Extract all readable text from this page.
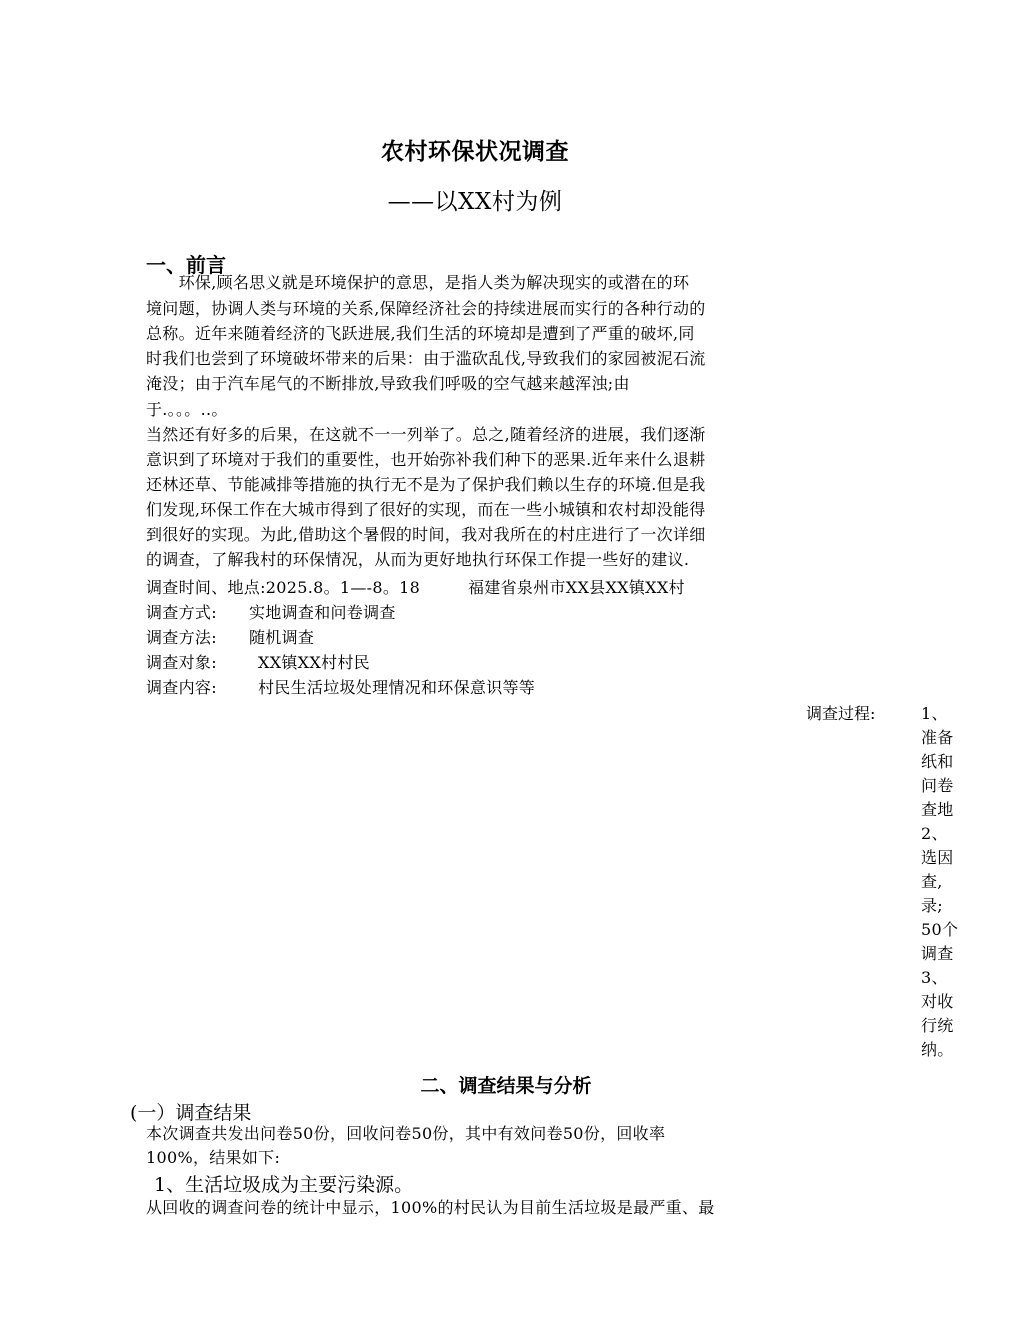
农村环保状况调查
——以XX村为例
一、前言
　　环保,顾名思义就是环境保护的意思，是指人类为解决现实的或潜在的环
境问题，协调人类与环境的关系,保障经济社会的持续进展而实行的各种行动的
总称。近年来随着经济的飞跃进展,我们生活的环境却是遭到了严重的破坏,同
时我们也尝到了环境破坏带来的后果：由于滥砍乱伐,导致我们的家园被泥石流
淹没；由于汽车尾气的不断排放,导致我们呼吸的空气越来越浑浊;由
于.。。。..。
当然还有好多的后果，在这就不一一列举了。总之,随着经济的进展，我们逐渐
意识到了环境对于我们的重要性，也开始弥补我们种下的恶果.近年来什么退耕
还林还草、节能减排等措施的执行无不是为了保护我们赖以生存的环境.但是我
们发现,环保工作在大城市得到了很好的实现，而在一些小城镇和农村却没能得
到很好的实现。为此,借助这个暑假的时间，我对我所在的村庄进行了一次详细
的调查，了解我村的环保情况，从而为更好地执行环保工作提一些好的建议.
调查时间、地点:2025.8。1—-8。18	福建省泉州市XX县XX镇XX村
调查方式: 实地调查和问卷调查
调查方法: 随机调查
调查对象:	XX镇XX村村民
调查内容:	村民生活垃圾处理情况和环保意识等等
调查过程:	1、
准备
纸和
问卷
查地
2、
选因
查,
录;
50个
调查
3、
对收
行统
纳。
二、调查结果与分析
(一）调查结果
本次调查共发出问卷50份，回收问卷50份，其中有效问卷50份，回收率
100%，结果如下:
1、生活垃圾成为主要污染源。
从回收的调查问卷的统计中显示，100%的村民认为目前生活垃圾是最严重、最
